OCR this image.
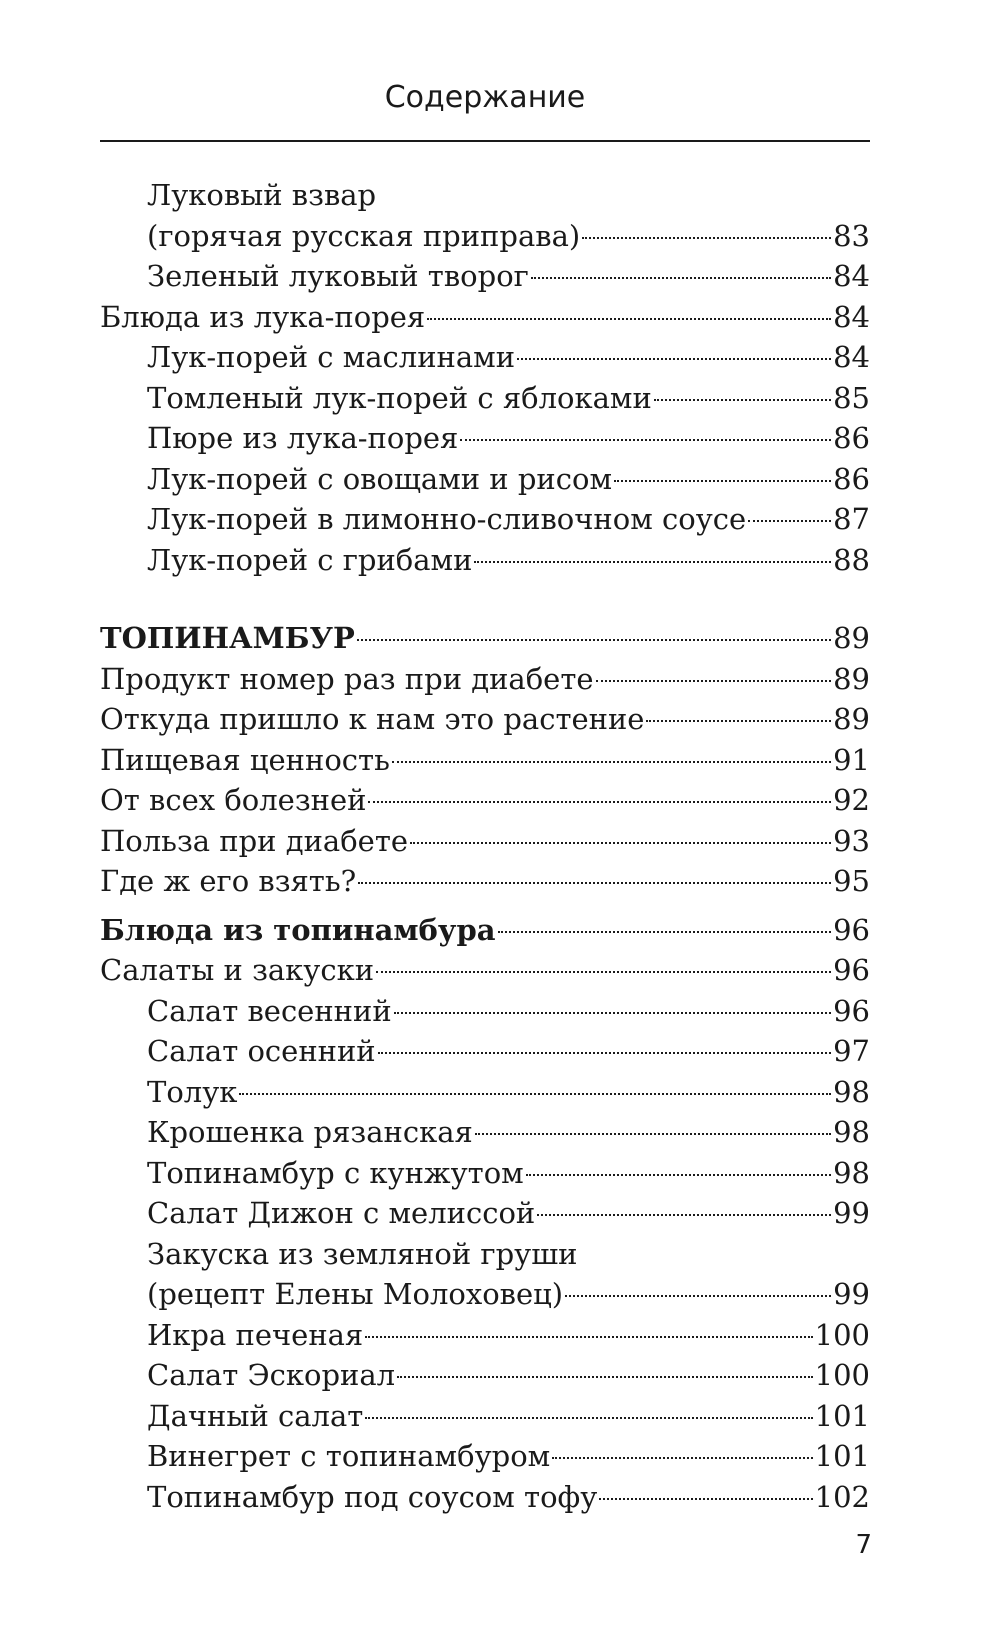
Содержание
Луковый взвар
(горячая русская приправа)	83
Зеленый луковый творог	84
Блюда из лука-порея	84
Лук-порей с маслинами	84
Томленый лук-порей с яблоками	85
Пюре из лука-порея	86
Лук-порей с овощами и рисом	86
Лук-порей в лимонно-сливочном соусе	87
Лук-порей с грибами	88
ТОПИНАМБУР	89
Продукт номер раз при диабете	89
Откуда пришло к нам это растение	89
Пищевая ценность	91
От всех болезней	92
Польза при диабете	93
Где ж его взять?	95
Блюда из топинамбура	96
Салаты и закуски	96
Салат весенний	96
Салат осенний	97
Толук	98
Крошенка рязанская	98
Топинамбур с кунжутом	98
Салат Дижон с мелиссой	99
Закуска из земляной груши
(рецепт Елены Молоховец)	99
Икра печеная	100
Салат Эскориал	100
Дачный салат	101
Винегрет с топинамбуром	101
Топинамбур под соусом тофу	102
7
